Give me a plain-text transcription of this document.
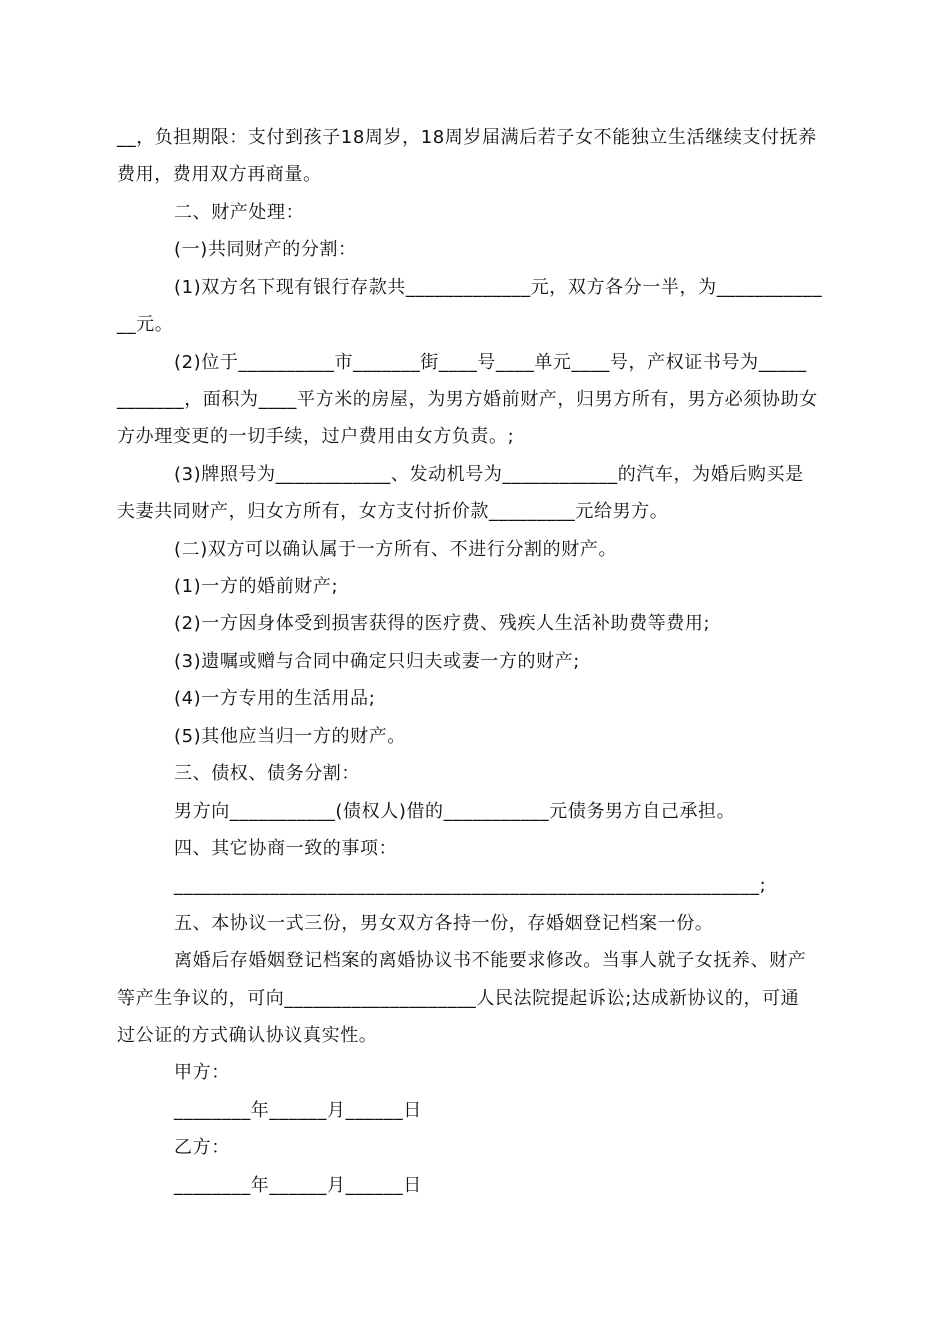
__，负担期限：支付到孩子18周岁，18周岁届满后若子女不能独立生活继续支付抚养
费用，费用双方再商量。
二、财产处理：
(一)共同财产的分割：
(1)双方名下现有银行存款共_____________元，双方各分一半，为___________
__元。
(2)位于__________市_______街____号____单元____号，产权证书号为_____
_______，面积为____平方米的房屋，为男方婚前财产，归男方所有，男方必须协助女
方办理变更的一切手续，过户费用由女方负责。;
(3)牌照号为____________、发动机号为____________的汽车，为婚后购买是
夫妻共同财产，归女方所有，女方支付折价款_________元给男方。
(二)双方可以确认属于一方所有、不进行分割的财产。
(1)一方的婚前财产;
(2)一方因身体受到损害获得的医疗费、残疾人生活补助费等费用;
(3)遗嘱或赠与合同中确定只归夫或妻一方的财产;
(4)一方专用的生活用品;
(5)其他应当归一方的财产。
三、债权、债务分割：
男方向___________(债权人)借的___________元债务男方自己承担。
四、其它协商一致的事项：
_____________________________________________________________;
五、本协议一式三份，男女双方各持一份，存婚姻登记档案一份。
离婚后存婚姻登记档案的离婚协议书不能要求修改。当事人就子女抚养、财产
等产生争议的，可向____________________人民法院提起诉讼;达成新协议的，可通
过公证的方式确认协议真实性。
甲方：
________年______月______日
乙方：
________年______月______日
